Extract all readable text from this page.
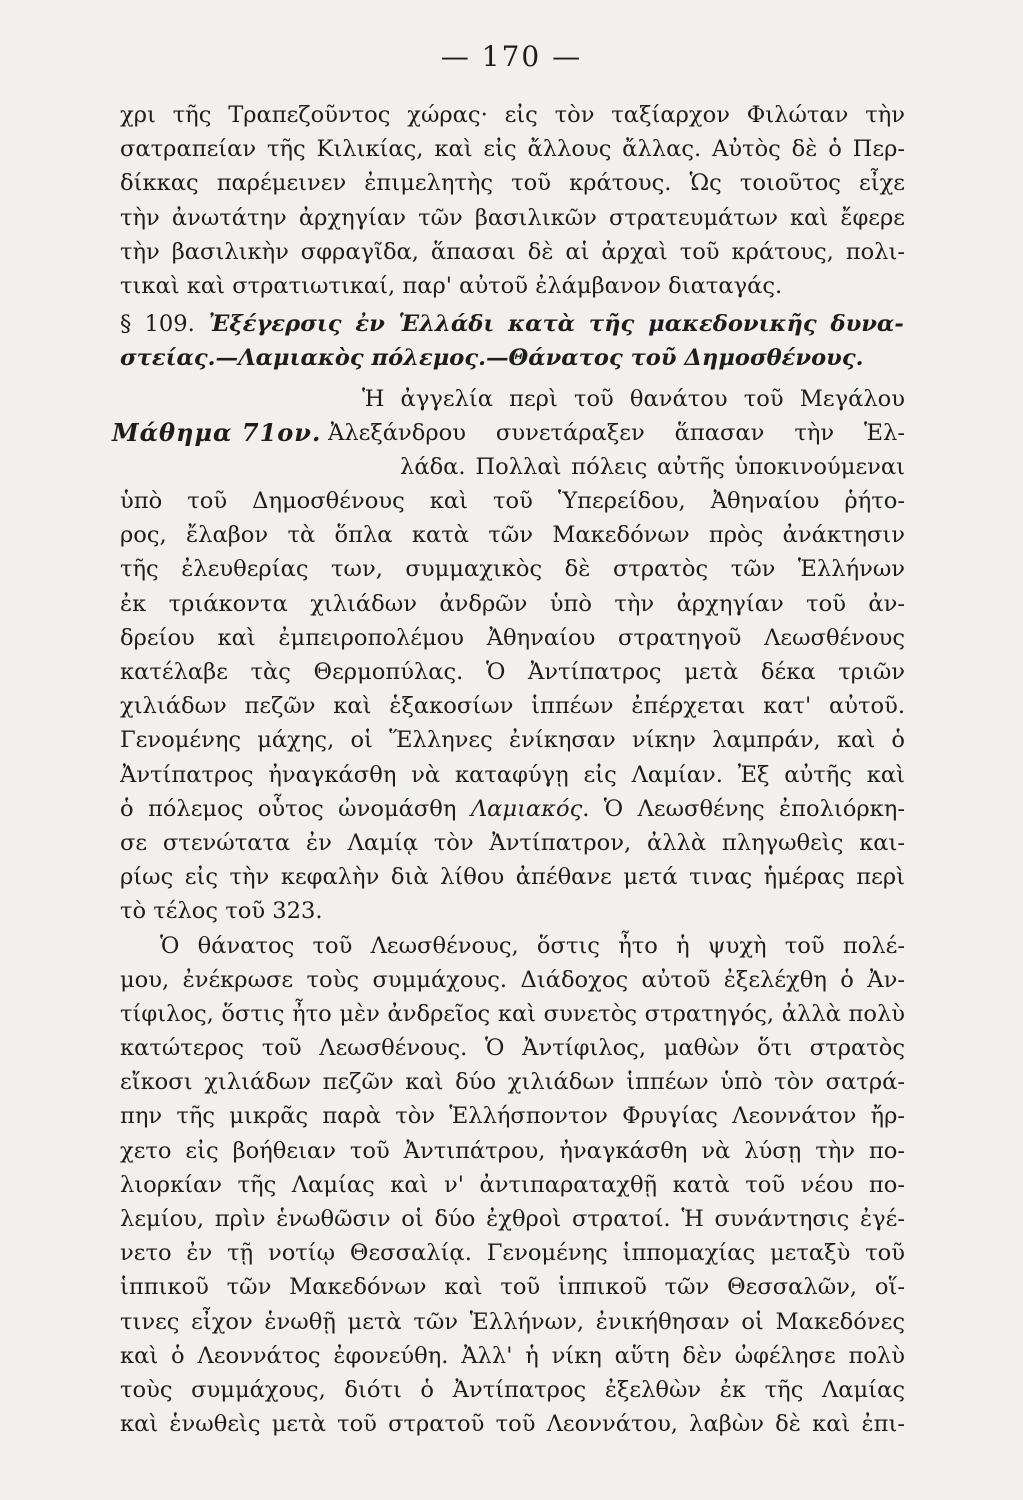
— 170 —
χρι τῆς Τραπεζοῦντος χώρας· εἰς τὸν ταξίαρχον Φιλώταν τὴν
σατραπείαν τῆς Κιλικίας, καὶ εἰς ἄλλους ἄλλας. Αὐτὸς δὲ ὁ Περ-
δίκκας παρέμεινεν ἐπιμελητὴς τοῦ κράτους. Ὡς τοιοῦτος εἶχε
τὴν ἀνωτάτην ἀρχηγίαν τῶν βασιλικῶν στρατευμάτων καὶ ἔφερε
τὴν βασιλικὴν σφραγῖδα, ἅπασαι δὲ αἱ ἀρχαὶ τοῦ κράτους, πολι-
τικαὶ καὶ στρατιωτικαί, παρ' αὐτοῦ ἐλάμβανον διαταγάς.
§ 109. Ἐξέγερσις ἐν Ἑλλάδι κατὰ τῆς μακεδονικῆς δυνα-
στείας.—Λαμιακὸς πόλεμος.—Θάνατος τοῦ Δημοσθένους.
Ἡ ἀγγελία περὶ τοῦ θανάτου τοῦ Μεγάλου
Μάθημα 71ον. Ἀλεξάνδρου συνετάραξεν ἅπασαν τὴν Ἑλ-
λάδα. Πολλαὶ πόλεις αὐτῆς ὑποκινούμεναι
ὑπὸ τοῦ Δημοσθένους καὶ τοῦ Ὑπερείδου, Ἀθηναίου ῥήτο-
ρος, ἔλαβον τὰ ὅπλα κατὰ τῶν Μακεδόνων πρὸς ἀνάκτησιν
τῆς ἐλευθερίας των, συμμαχικὸς δὲ στρατὸς τῶν Ἑλλήνων
ἐκ τριάκοντα χιλιάδων ἀνδρῶν ὑπὸ τὴν ἀρχηγίαν τοῦ ἀν-
δρείου καὶ ἐμπειροπολέμου Ἀθηναίου στρατηγοῦ Λεωσθένους
κατέλαβε τὰς Θερμοπύλας. Ὁ Ἀντίπατρος μετὰ δέκα τριῶν
χιλιάδων πεζῶν καὶ ἑξακοσίων ἱππέων ἐπέρχεται κατ' αὐτοῦ.
Γενομένης μάχης, οἱ Ἕλληνες ἐνίκησαν νίκην λαμπράν, καὶ ὁ
Ἀντίπατρος ἠναγκάσθη νὰ καταφύγῃ εἰς Λαμίαν. Ἐξ αὐτῆς καὶ
ὁ πόλεμος οὗτος ὠνομάσθη Λαμιακός. Ὁ Λεωσθένης ἐπολιόρκη-
σε στενώτατα ἐν Λαμίᾳ τὸν Ἀντίπατρον, ἀλλὰ πληγωθεὶς και-
ρίως εἰς τὴν κεφαλὴν διὰ λίθου ἀπέθανε μετά τινας ἡμέρας περὶ
τὸ τέλος τοῦ 323.
Ὁ θάνατος τοῦ Λεωσθένους, ὅστις ἦτο ἡ ψυχὴ τοῦ πολέ-
μου, ἐνέκρωσε τοὺς συμμάχους. Διάδοχος αὐτοῦ ἐξελέχθη ὁ Ἀν-
τίφιλος, ὅστις ἦτο μὲν ἀνδρεῖος καὶ συνετὸς στρατηγός, ἀλλὰ πολὺ
κατώτερος τοῦ Λεωσθένους. Ὁ Ἀντίφιλος, μαθὼν ὅτι στρατὸς
εἴκοσι χιλιάδων πεζῶν καὶ δύο χιλιάδων ἱππέων ὑπὸ τὸν σατρά-
πην τῆς μικρᾶς παρὰ τὸν Ἑλλήσποντον Φρυγίας Λεοννάτον ἤρ-
χετο εἰς βοήθειαν τοῦ Ἀντιπάτρου, ἠναγκάσθη νὰ λύσῃ τὴν πο-
λιορκίαν τῆς Λαμίας καὶ ν' ἀντιπαραταχθῇ κατὰ τοῦ νέου πο-
λεμίου, πρὶν ἑνωθῶσιν οἱ δύο ἐχθροὶ στρατοί. Ἡ συνάντησις ἐγέ-
νετο ἐν τῇ νοτίῳ Θεσσαλίᾳ. Γενομένης ἱππομαχίας μεταξὺ τοῦ
ἱππικοῦ τῶν Μακεδόνων καὶ τοῦ ἱππικοῦ τῶν Θεσσαλῶν, οἵ-
τινες εἶχον ἑνωθῇ μετὰ τῶν Ἑλλήνων, ἐνικήθησαν οἱ Μακεδόνες
καὶ ὁ Λεοννάτος ἐφονεύθη. Ἀλλ' ἡ νίκη αὕτη δὲν ὠφέλησε πολὺ
τοὺς συμμάχους, διότι ὁ Ἀντίπατρος ἐξελθὼν ἐκ τῆς Λαμίας
καὶ ἑνωθεὶς μετὰ τοῦ στρατοῦ τοῦ Λεοννάτου, λαβὼν δὲ καὶ ἐπι-
